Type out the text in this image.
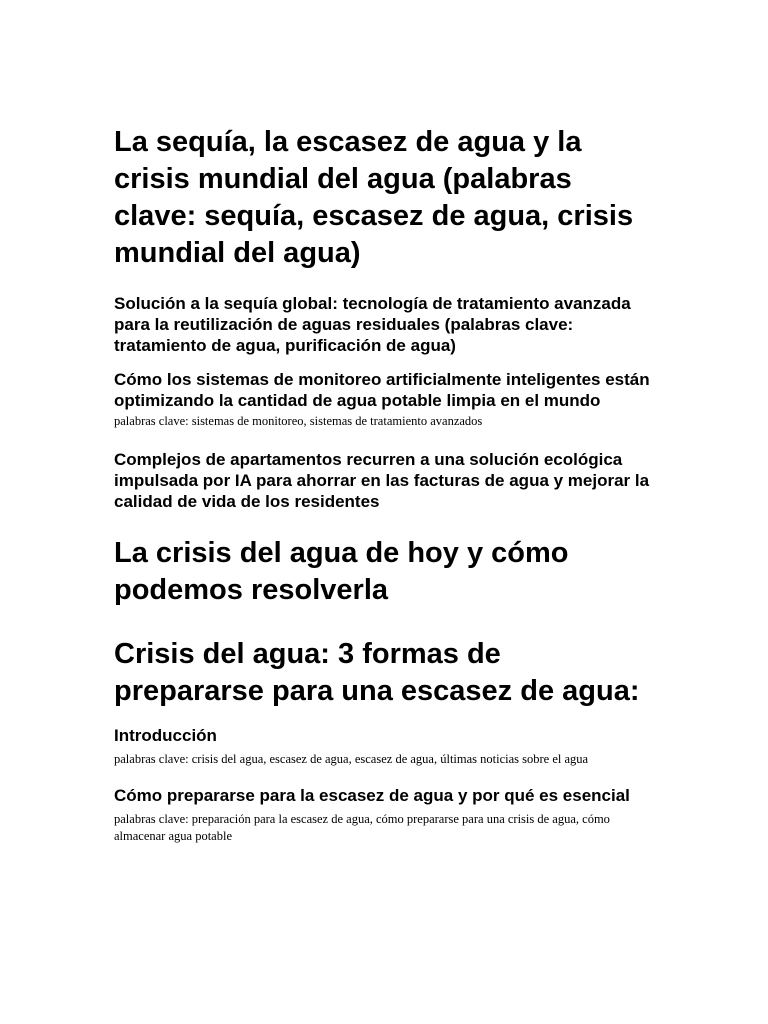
La sequía, la escasez de agua y la crisis mundial del agua (palabras clave: sequía, escasez de agua, crisis mundial del agua)
Solución a la sequía global: tecnología de tratamiento avanzada para la reutilización de aguas residuales (palabras clave: tratamiento de agua, purificación de agua)
Cómo los sistemas de monitoreo artificialmente inteligentes están optimizando la cantidad de agua potable limpia en el mundo

palabras clave: sistemas de monitoreo, sistemas de tratamiento avanzados

Complejos de apartamentos recurren a una solución ecológica impulsada por IA para ahorrar en las facturas de agua y mejorar la calidad de vida de los residentes
La crisis del agua de hoy y cómo podemos resolverla
Crisis del agua: 3 formas de prepararse para una escasez de agua:
Introducción

palabras clave: crisis del agua, escasez de agua, escasez de agua, últimas noticias sobre el agua

Cómo prepararse para la escasez de agua y por qué es esencial

palabras clave: preparación para la escasez de agua, cómo prepararse para una crisis de agua, cómo almacenar agua potable
